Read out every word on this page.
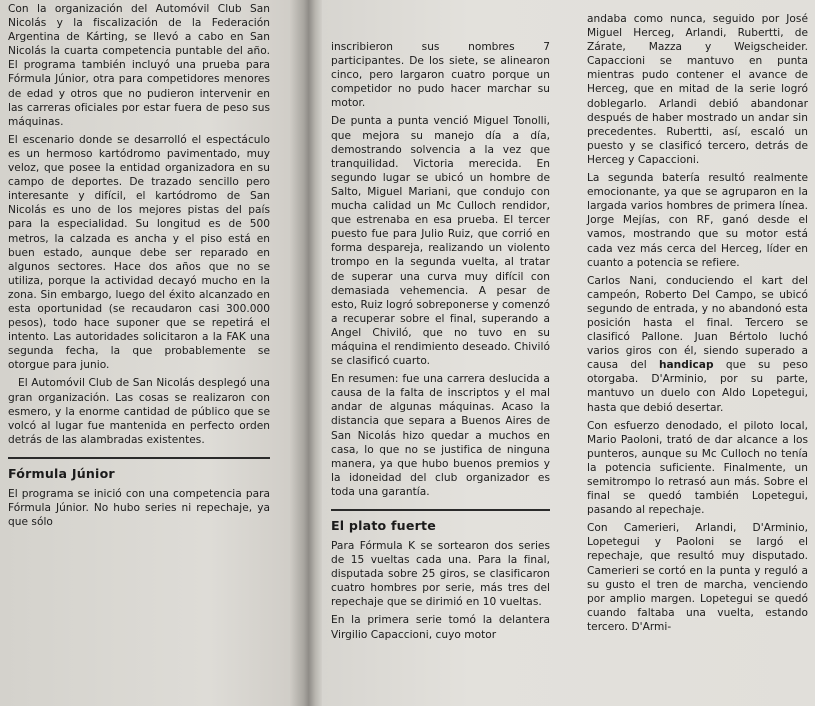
Con la organización del Automóvil Club San Nicolás y la fiscalización de la Federación Argentina de Kárting, se llevó a cabo en San Nicolás la cuarta competencia puntable del año. El programa también incluyó una prueba para Fórmula Júnior, otra para competidores menores de edad y otros que no pudieron intervenir en las carreras oficiales por estar fuera de peso sus máquinas.

El escenario donde se desarrolló el espectáculo es un hermoso kartódromo pavimentado, muy veloz, que posee la entidad organizadora en su campo de deportes. De trazado sencillo pero interesante y difícil, el kartódromo de San Nicolás es uno de los mejores pistas del país para la especialidad. Su longitud es de 500 metros, la calzada es ancha y el piso está en buen estado, aunque debe ser reparado en algunos sectores. Hace dos años que no se utiliza, porque la actividad decayó mucho en la zona. Sin embargo, luego del éxito alcanzado en esta oportunidad (se recaudaron casi 300.000 pesos), todo hace suponer que se repetirá el intento. Las autoridades solicitaron a la FAK una segunda fecha, la que probablemente se otorgue para junio.

El Automóvil Club de San Nicolás desplegó una gran organización. Las cosas se realizaron con esmero, y la enorme cantidad de público que se volcó al lugar fue mantenida en perfecto orden detrás de las alambradas existentes.

Fórmula Júnior

El programa se inició con una competencia para Fórmula Júnior. No hubo series ni repechaje, ya que sólo

inscribieron sus nombres 7 participantes. De los siete, se alinearon cinco, pero largaron cuatro porque un competidor no pudo hacer marchar su motor.

De punta a punta venció Miguel Tonolli, que mejora su manejo día a día, demostrando solvencia a la vez que tranquilidad. Victoria merecida. En segundo lugar se ubicó un hombre de Salto, Miguel Mariani, que condujo con mucha calidad un Mc Culloch rendidor, que estrenaba en esa prueba. El tercer puesto fue para Julio Ruiz, que corrió en forma despareja, realizando un violento trompo en la segunda vuelta, al tratar de superar una curva muy difícil con demasiada vehemencia. A pesar de esto, Ruiz logró sobreponerse y comenzó a recuperar sobre el final, superando a Angel Chiviló, que no tuvo en su máquina el rendimiento deseado. Chiviló se clasificó cuarto.

En resumen: fue una carrera deslucida a causa de la falta de inscriptos y el mal andar de algunas máquinas. Acaso la distancia que separa a Buenos Aires de San Nicolás hizo quedar a muchos en casa, lo que no se justifica de ninguna manera, ya que hubo buenos premios y la idoneidad del club organizador es toda una garantía.

El plato fuerte

Para Fórmula K se sortearon dos series de 15 vueltas cada una. Para la final, disputada sobre 25 giros, se clasificaron cuatro hombres por serie, más tres del repechaje que se dirimió en 10 vueltas.

En la primera serie tomó la delantera Virgilio Capaccioni, cuyo motor

andaba como nunca, seguido por José Miguel Herceg, Arlandi, Rubertti, de Zárate, Mazza y Weigscheider. Capaccioni se mantuvo en punta mientras pudo contener el avance de Herceg, que en mitad de la serie logró doblegarlo. Arlandi debió abandonar después de haber mostrado un andar sin precedentes. Rubertti, así, escaló un puesto y se clasificó tercero, detrás de Herceg y Capaccioni.

La segunda batería resultó realmente emocionante, ya que se agruparon en la largada varios hombres de primera línea. Jorge Mejías, con RF, ganó desde el vamos, mostrando que su motor está cada vez más cerca del Herceg, líder en cuanto a potencia se refiere.

Carlos Nani, conduciendo el kart del campeón, Roberto Del Campo, se ubicó segundo de entrada, y no abandonó esta posición hasta el final. Tercero se clasificó Pallone. Juan Bértolo luchó varios giros con él, siendo superado a causa del handicap que su peso otorgaba. D'Arminio, por su parte, mantuvo un duelo con Aldo Lopetegui, hasta que debió desertar.

Con esfuerzo denodado, el piloto local, Mario Paoloni, trató de dar alcance a los punteros, aunque su Mc Culloch no tenía la potencia suficiente. Finalmente, un semitrompo lo retrasó aun más. Sobre el final se quedó también Lopetegui, pasando al repechaje.

Con Camerieri, Arlandi, D'Arminio, Lopetegui y Paoloni se largó el repechaje, que resultó muy disputado. Camerieri se cortó en la punta y reguló a su gusto el tren de marcha, venciendo por amplio margen. Lopetegui se quedó cuando faltaba una vuelta, estando tercero. D'Armi-
